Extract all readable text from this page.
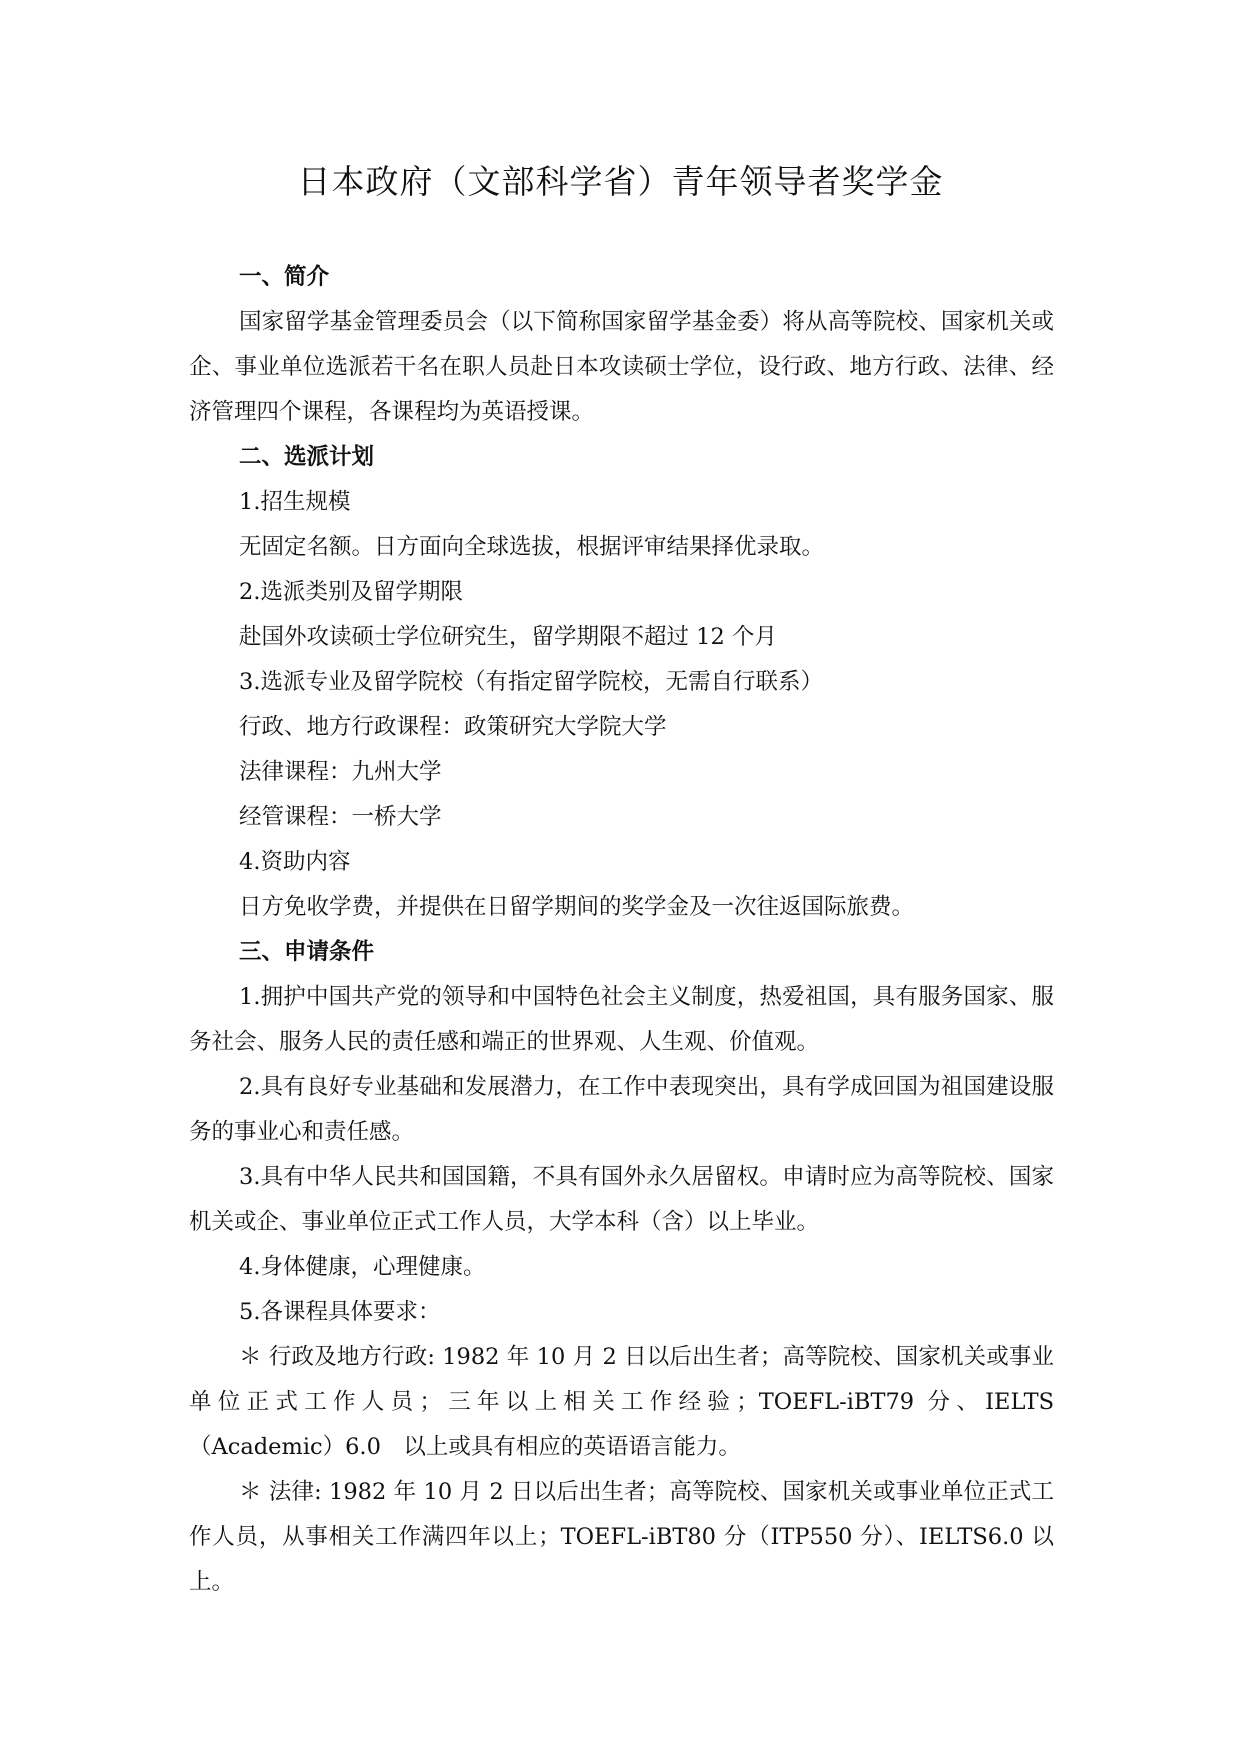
日本政府（文部科学省）青年领导者奖学金

一、简介

国家留学基金管理委员会（以下简称国家留学基金委）将从高等院校、国家机关或企、事业单位选派若干名在职人员赴日本攻读硕士学位，设行政、地方行政、法律、经济管理四个课程，各课程均为英语授课。

二、选派计划

1.招生规模

无固定名额。日方面向全球选拔，根据评审结果择优录取。

2.选派类别及留学期限

赴国外攻读硕士学位研究生，留学期限不超过 12 个月

3.选派专业及留学院校（有指定留学院校，无需自行联系）

行政、地方行政课程：政策研究大学院大学

法律课程：九州大学

经管课程：一桥大学

4.资助内容

日方免收学费，并提供在日留学期间的奖学金及一次往返国际旅费。

三、申请条件

1.拥护中国共产党的领导和中国特色社会主义制度，热爱祖国，具有服务国家、服务社会、服务人民的责任感和端正的世界观、人生观、价值观。

2.具有良好专业基础和发展潜力，在工作中表现突出，具有学成回国为祖国建设服务的事业心和责任感。

3.具有中华人民共和国国籍，不具有国外永久居留权。申请时应为高等院校、国家机关或企、事业单位正式工作人员，大学本科（含）以上毕业。

4.身体健康，心理健康。

5.各课程具体要求：

＊ 行政及地方行政: 1982 年 10 月 2 日以后出生者；高等院校、国家机关或事业单位正式工作人员；三年以上相关工作经验；TOEFL-iBT79 分、IELTS（Academic）6.0　以上或具有相应的英语语言能力。

＊ 法律: 1982 年 10 月 2 日以后出生者；高等院校、国家机关或事业单位正式工作人员，从事相关工作满四年以上；TOEFL-iBT80 分（ITP550 分）、IELTS6.0 以上。
